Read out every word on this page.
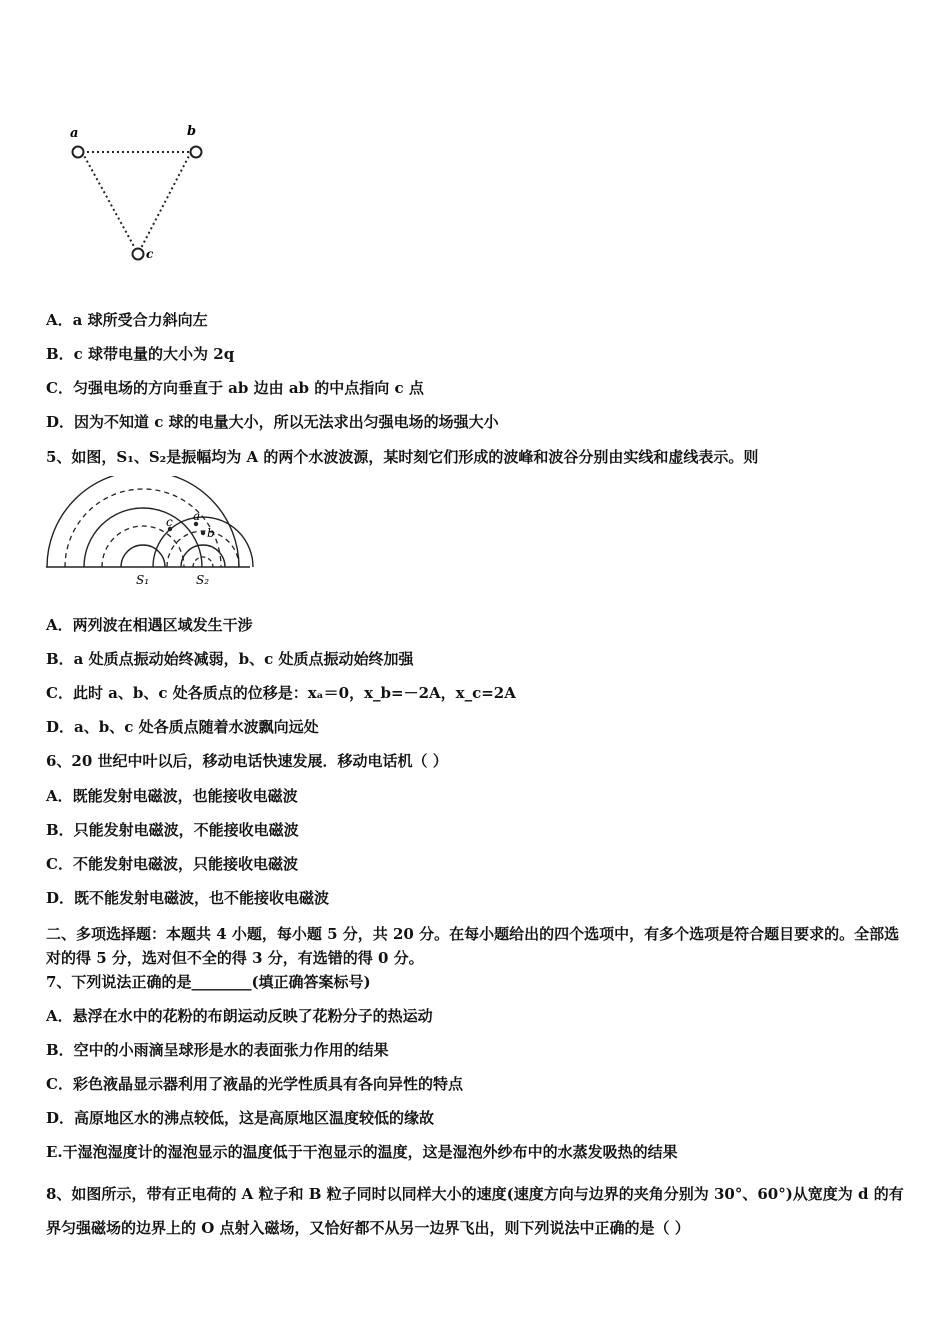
a	b
c
A．a 球所受合力斜向左
B．c 球带电量的大小为 2q
C．匀强电场的方向垂直于 ab 边由 ab 的中点指向 c 点
D．因为不知道 c 球的电量大小，所以无法求出匀强电场的场强大小
5、如图，S₁、S₂是振幅均为 A 的两个水波波源，某时刻它们形成的波峰和波谷分别由实线和虚线表示。则
a
b
c
S₁	S₂
A．两列波在相遇区域发生干涉
B．a 处质点振动始终减弱，b、c 处质点振动始终加强
C．此时 a、b、c 处各质点的位移是：xₐ＝0，x_b=－2A，x_c=2A
D．a、b、c 处各质点随着水波飘向远处
6、20 世纪中叶以后，移动电话快速发展．移动电话机（ ）
A．既能发射电磁波，也能接收电磁波
B．只能发射电磁波，不能接收电磁波
C．不能发射电磁波，只能接收电磁波
D．既不能发射电磁波，也不能接收电磁波
二、多项选择题：本题共 4 小题，每小题 5 分，共 20 分。在每小题给出的四个选项中，有多个选项是符合题目要求的。全部选对的得 5 分，选对但不全的得 3 分，有选错的得 0 分。
7、下列说法正确的是________(填正确答案标号)
A．悬浮在水中的花粉的布朗运动反映了花粉分子的热运动
B．空中的小雨滴呈球形是水的表面张力作用的结果
C．彩色液晶显示器利用了液晶的光学性质具有各向异性的特点
D．高原地区水的沸点较低，这是高原地区温度较低的缘故
E.干湿泡湿度计的湿泡显示的温度低于干泡显示的温度，这是湿泡外纱布中的水蒸发吸热的结果
8、如图所示，带有正电荷的 A 粒子和 B 粒子同时以同样大小的速度(速度方向与边界的夹角分别为 30°、60°)从宽度为 d 的有界匀强磁场的边界上的 O 点射入磁场，又恰好都不从另一边界飞出，则下列说法中正确的是（ ）
